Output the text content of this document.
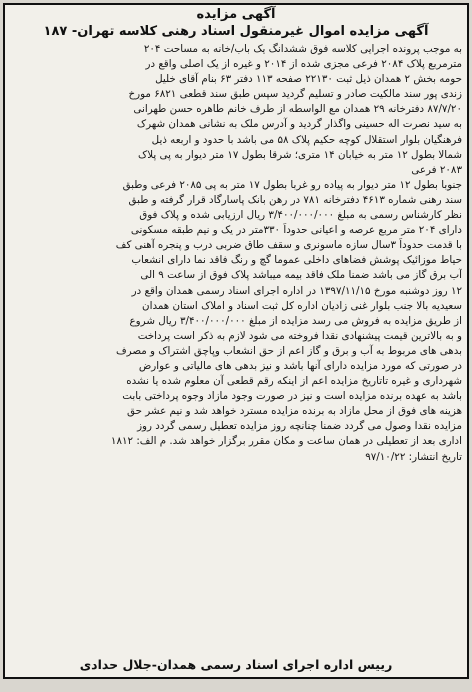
آگهی مزایده
آگهی مزایده اموال غیرمنقول اسناد رهنی کلاسه تهران- ۱۸۷
به موجب پرونده اجرایی کلاسه فوق ششدانگ یک باب/خانه به مساحت ۲۰۴
مترمربع پلاک ۲۰۸۴ فرعی مجزی شده از ۲۰۱۴ و غیره از یک اصلی واقع در
حومه بخش ۲ همدان ذیل ثبت ۲۲۱۳۰ صفحه ۱۱۳ دفتر ۶۳ بنام آقای خلیل
زندی پور سند مالکیت صادر و تسلیم گردید سپس طبق سند قطعی ۶۸۲۱ مورخ
۸۷/۷/۲۰ دفترخانه ۲۹ همدان مع الواسطه از طرف خانم طاهره حسن طهرانی
به سید نصرت اله حسینی واگذار گردید و آدرس ملک به نشانی همدان شهرک
فرهنگیان بلوار استقلال کوچه حکیم پلاک ۵۸ می باشد با حدود و اربعه ذیل
شمالا بطول ۱۲ متر به خیابان ۱۴ متری؛ شرقا بطول ۱۷ متر دیوار به پی پلاک
۲۰۸۳ فرعی
جنوبا بطول ۱۲ متر دیوار به پیاده رو غربا بطول ۱۷ متر به پی ۲۰۸۵ فرعی وطبق
سند رهنی شماره ۴۶۱۳ دفترخانه ۷۸۱ در رهن بانک پاسارگاد قرار گرفته و طبق
نظر کارشناس رسمی به مبلغ ۳/۴۰۰/۰۰۰/۰۰۰ ریال ارزیابی شده و پلاک فوق
دارای ۲۰۴ متر مربع عرصه و اعیانی حدوداً ۳۳۰متر در یک و نیم طبقه مسکونی
با قدمت حدوداً ۳سال سازه ماسونری و سقف طاق ضربی درب و پنجره آهنی کف
حیاط موزائیک پوشش فضاهای داخلی عموما گچ و رنگ فاقد نما دارای انشعاب
آب برق گاز می باشد ضمنا ملک فاقد بیمه میباشد پلاک فوق از ساعت ۹ الی
۱۲ روز دوشنبه مورخ ۱۳۹۷/۱۱/۱۵ در اداره اجرای اسناد رسمی همدان واقع در
سعیدیه بالا جنب بلوار غنی زادیان اداره کل ثبت اسناد و املاک استان همدان
از طریق مزایده به فروش می رسد مزایده از مبلغ ۳/۴۰۰/۰۰۰/۰۰۰ ریال شروع
و به بالاترین قیمت پیشنهادی نقدا فروخته می شود لازم به ذکر است پرداخت
بدهی های مربوط به آب و برق و گاز اعم از حق انشعاب وپاچق اشتراک و مصرف
در صورتی که مورد مزایده دارای آنها باشد و نیز بدهی های مالیاتی و عوارض
شهرداری و غیره تاتاریخ مزایده اعم از اینکه رقم قطعی آن معلوم شده یا نشده
باشد به عهده برنده مزایده است و نیز در صورت وجود مازاد وجوه پرداختی بابت
هزینه های فوق از محل مازاد به برنده مزایده مسترد خواهد شد و نیم عشر حق
مزایده نقدا وصول می گردد ضمنا چنانچه روز مزایده تعطیل رسمی گردد روز
اداری بعد از تعطیلی در همان ساعت و مکان مقرر برگزار خواهد شد. م الف: ۱۸۱۲
تاریخ انتشار: ۹۷/۱۰/۲۲
رییس اداره اجرای اسناد رسمی همدان-جلال حدادی
